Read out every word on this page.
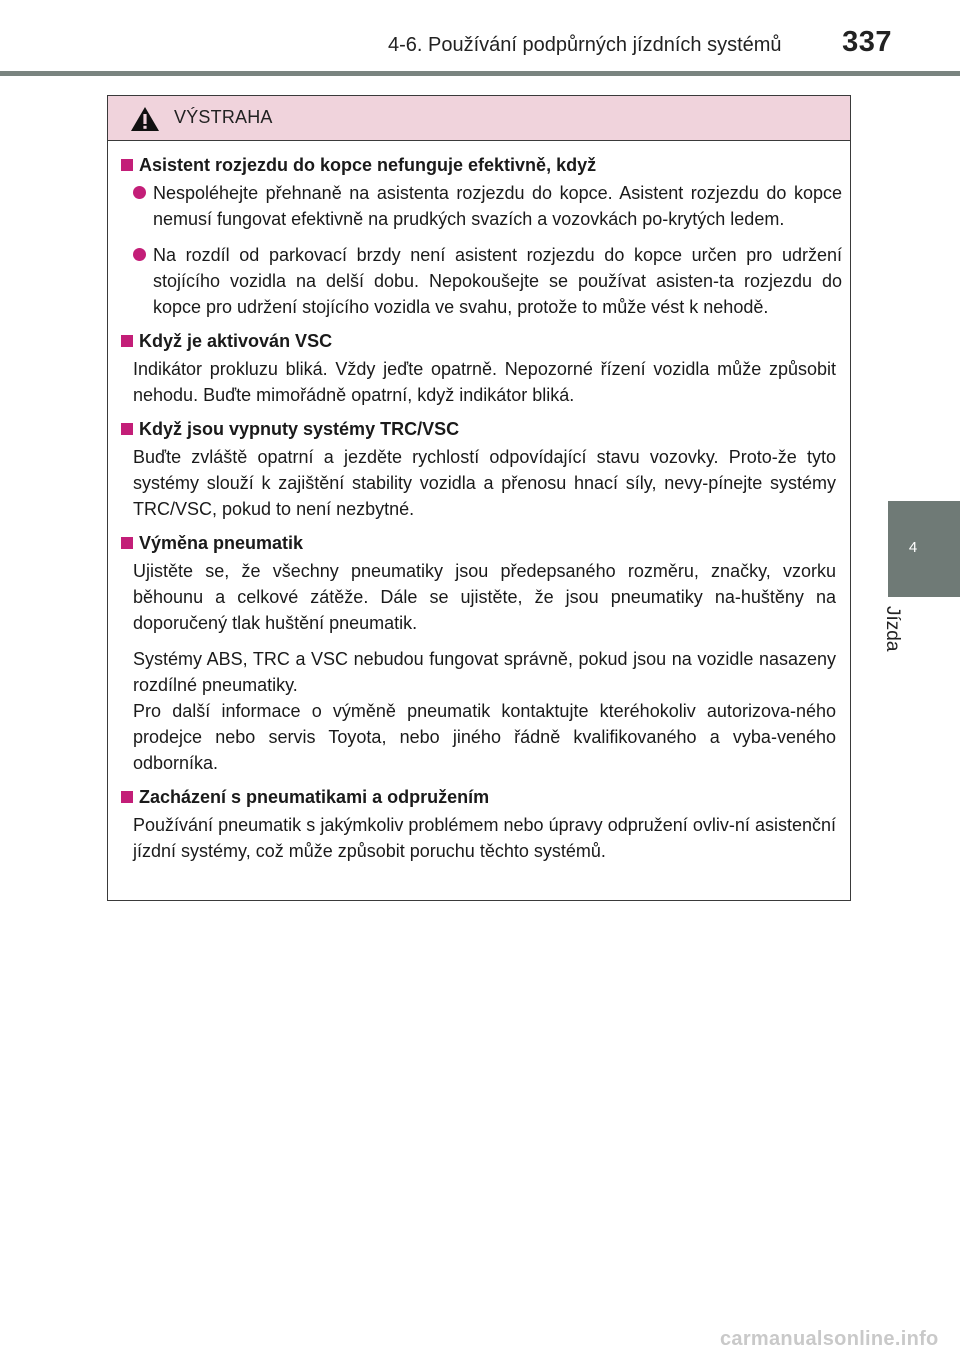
4-6. Používání podpůrných jízdních systémů	337
4
Jízda
VÝSTRAHA
Asistent rozjezdu do kopce nefunguje efektivně, když
Nespoléhejte přehnaně na asistenta rozjezdu do kopce. Asistent rozjezdu do kopce nemusí fungovat efektivně na prudkých svazích a vozovkách po-krytých ledem.
Na rozdíl od parkovací brzdy není asistent rozjezdu do kopce určen pro udržení stojícího vozidla na delší dobu. Nepokoušejte se používat asisten-ta rozjezdu do kopce pro udržení stojícího vozidla ve svahu, protože to může vést k nehodě.
Když je aktivován VSC
Indikátor prokluzu bliká. Vždy jeďte opatrně. Nepozorné řízení vozidla může způsobit nehodu. Buďte mimořádně opatrní, když indikátor bliká.
Když jsou vypnuty systémy TRC/VSC
Buďte zvláště opatrní a jezděte rychlostí odpovídající stavu vozovky. Proto-že tyto systémy slouží k zajištění stability vozidla a přenosu hnací síly, nevy-pínejte systémy TRC/VSC, pokud to není nezbytné.
Výměna pneumatik
Ujistěte se, že všechny pneumatiky jsou předepsaného rozměru, značky, vzorku běhounu a celkové zátěže. Dále se ujistěte, že jsou pneumatiky na-huštěny na doporučený tlak huštění pneumatik.
Systémy ABS, TRC a VSC nebudou fungovat správně, pokud jsou na vozidle nasazeny rozdílné pneumatiky.
Pro další informace o výměně pneumatik kontaktujte kteréhokoliv autorizova-ného prodejce nebo servis Toyota, nebo jiného řádně kvalifikovaného a vyba-veného odborníka.
Zacházení s pneumatikami a odpružením
Používání pneumatik s jakýmkoliv problémem nebo úpravy odpružení ovliv-ní asistenční jízdní systémy, což může způsobit poruchu těchto systémů.
carmanualsonline.info
